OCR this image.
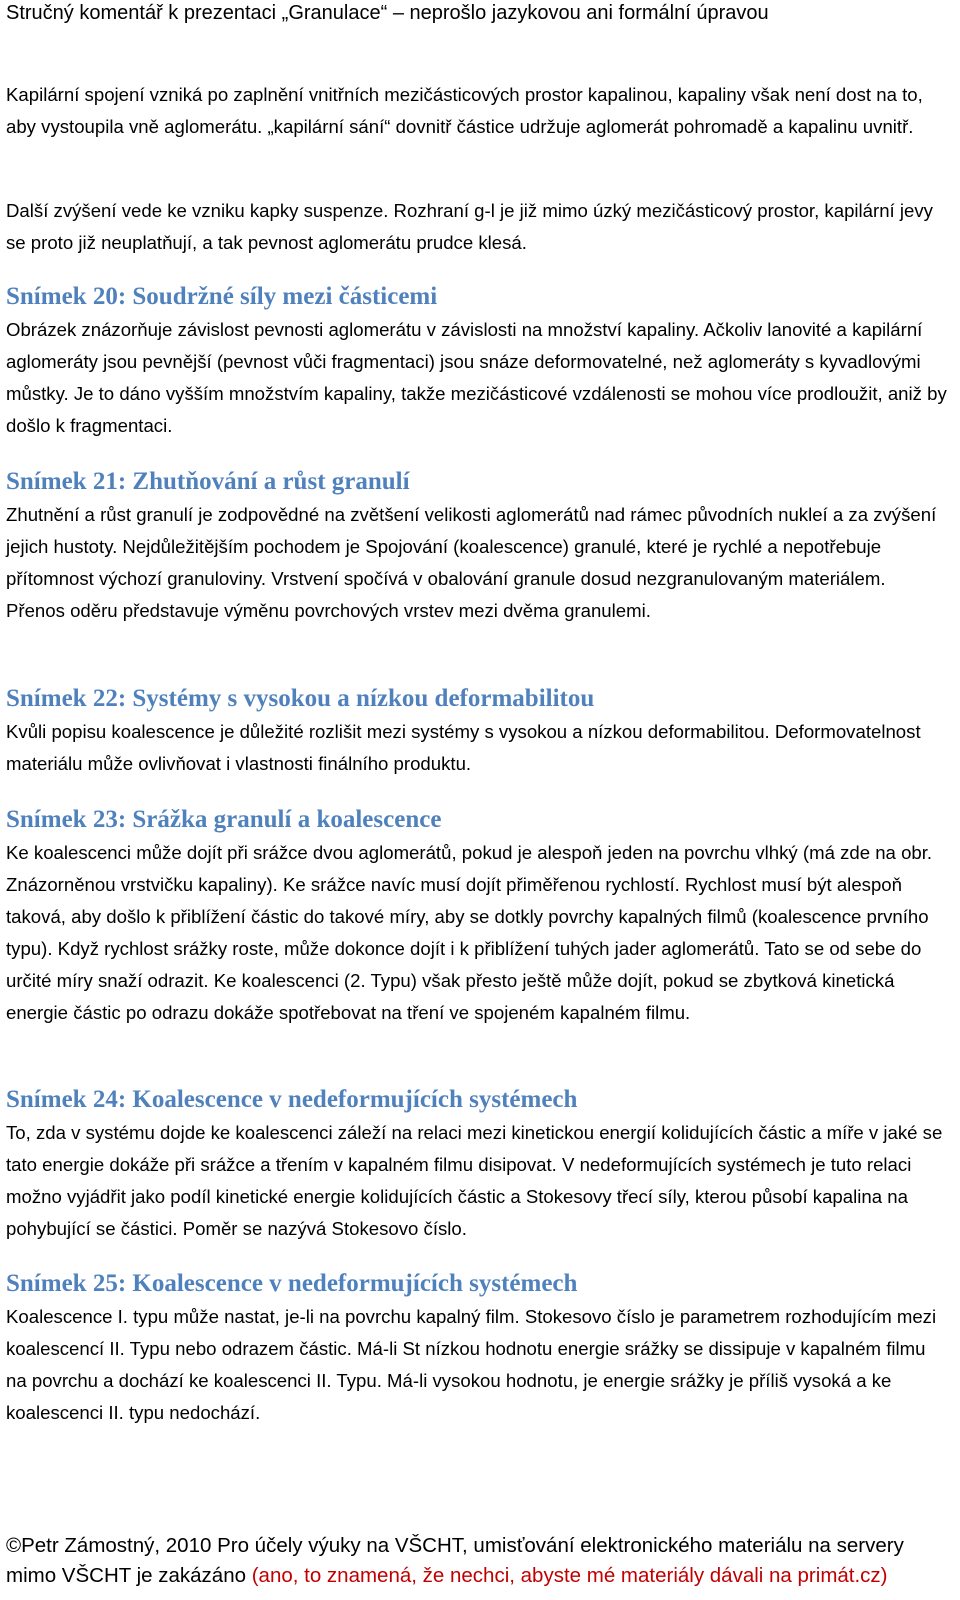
Stručný komentář k prezentaci „Granulace“ – neprošlo jazykovou ani formální úpravou

Kapilární spojení vzniká po zaplnění vnitřních mezičásticových prostor kapalinou, kapaliny však není dost na to, aby vystoupila vně aglomerátu. „kapilární sání“ dovnitř částice udržuje aglomerát pohromadě a kapalinu uvnitř.

Další zvýšení vede ke vzniku kapky suspenze. Rozhraní g-l je již mimo úzký mezičásticový prostor, kapilární jevy se proto již neuplatňují, a tak pevnost aglomerátu prudce klesá.

Snímek 20: Soudržné síly mezi částicemi

Obrázek znázorňuje závislost pevnosti aglomerátu v závislosti na množství kapaliny. Ačkoliv lanovité a kapilární aglomeráty jsou pevnější (pevnost vůči fragmentaci) jsou snáze deformovatelné, než aglomeráty s kyvadlovými můstky. Je to dáno vyšším množstvím kapaliny, takže mezičásticové vzdálenosti se mohou více prodloužit, aniž by došlo k fragmentaci.

Snímek 21: Zhutňování a růst granulí

Zhutnění a růst granulí je zodpovědné na zvětšení velikosti aglomerátů nad rámec původních nukleí a za zvýšení jejich hustoty. Nejdůležitějším pochodem je Spojování (koalescence) granulé, které je rychlé a nepotřebuje přítomnost výchozí granuloviny. Vrstvení spočívá v obalování granule dosud nezgranulovaným materiálem. Přenos oděru představuje výměnu povrchových vrstev mezi dvěma granulemi.

Snímek 22: Systémy s vysokou a nízkou deformabilitou

Kvůli popisu koalescence je důležité rozlišit mezi systémy s vysokou a nízkou deformabilitou. Deformovatelnost materiálu může ovlivňovat i vlastnosti finálního produktu.

Snímek 23: Srážka granulí a koalescence

Ke koalescenci může dojít při srážce dvou aglomerátů, pokud je alespoň jeden na povrchu vlhký (má zde na obr. Znázorněnou vrstvičku kapaliny). Ke srážce navíc musí dojít přiměřenou rychlostí. Rychlost musí být alespoň taková, aby došlo k přiblížení částic do takové míry, aby se dotkly povrchy kapalných filmů (koalescence prvního typu). Když rychlost srážky roste, může dokonce dojít i k přiblížení tuhých jader aglomerátů. Tato se od sebe do určité míry snaží odrazit. Ke koalescenci (2. Typu) však přesto ještě může dojít, pokud se zbytková kinetická energie částic po odrazu dokáže spotřebovat na tření ve spojeném kapalném filmu.

Snímek 24: Koalescence v nedeformujících systémech

To, zda v systému dojde ke koalescenci záleží na relaci mezi kinetickou energií kolidujících částic a míře v jaké se tato energie dokáže při srážce a třením v kapalném filmu disipovat. V nedeformujících systémech je tuto relaci možno vyjádřit jako podíl kinetické energie kolidujících částic a Stokesovy třecí síly, kterou působí kapalina na pohybující se částici. Poměr se nazývá Stokesovo číslo.

Snímek 25: Koalescence v nedeformujících systémech

Koalescence I. typu může nastat, je-li na povrchu kapalný film. Stokesovo číslo je parametrem rozhodujícím mezi koalescencí II. Typu nebo odrazem částic. Má-li St nízkou hodnotu energie srážky se dissipuje v kapalném filmu na povrchu a dochází ke koalescenci II. Typu. Má-li vysokou hodnotu, je energie srážky je příliš vysoká a ke koalescenci II. typu nedochází.

©Petr Zámostný, 2010 Pro účely výuky na VŠCHT, umisťování elektronického materiálu na servery mimo VŠCHT je zakázáno (ano, to znamená, že nechci, abyste mé materiály dávali na primát.cz)
